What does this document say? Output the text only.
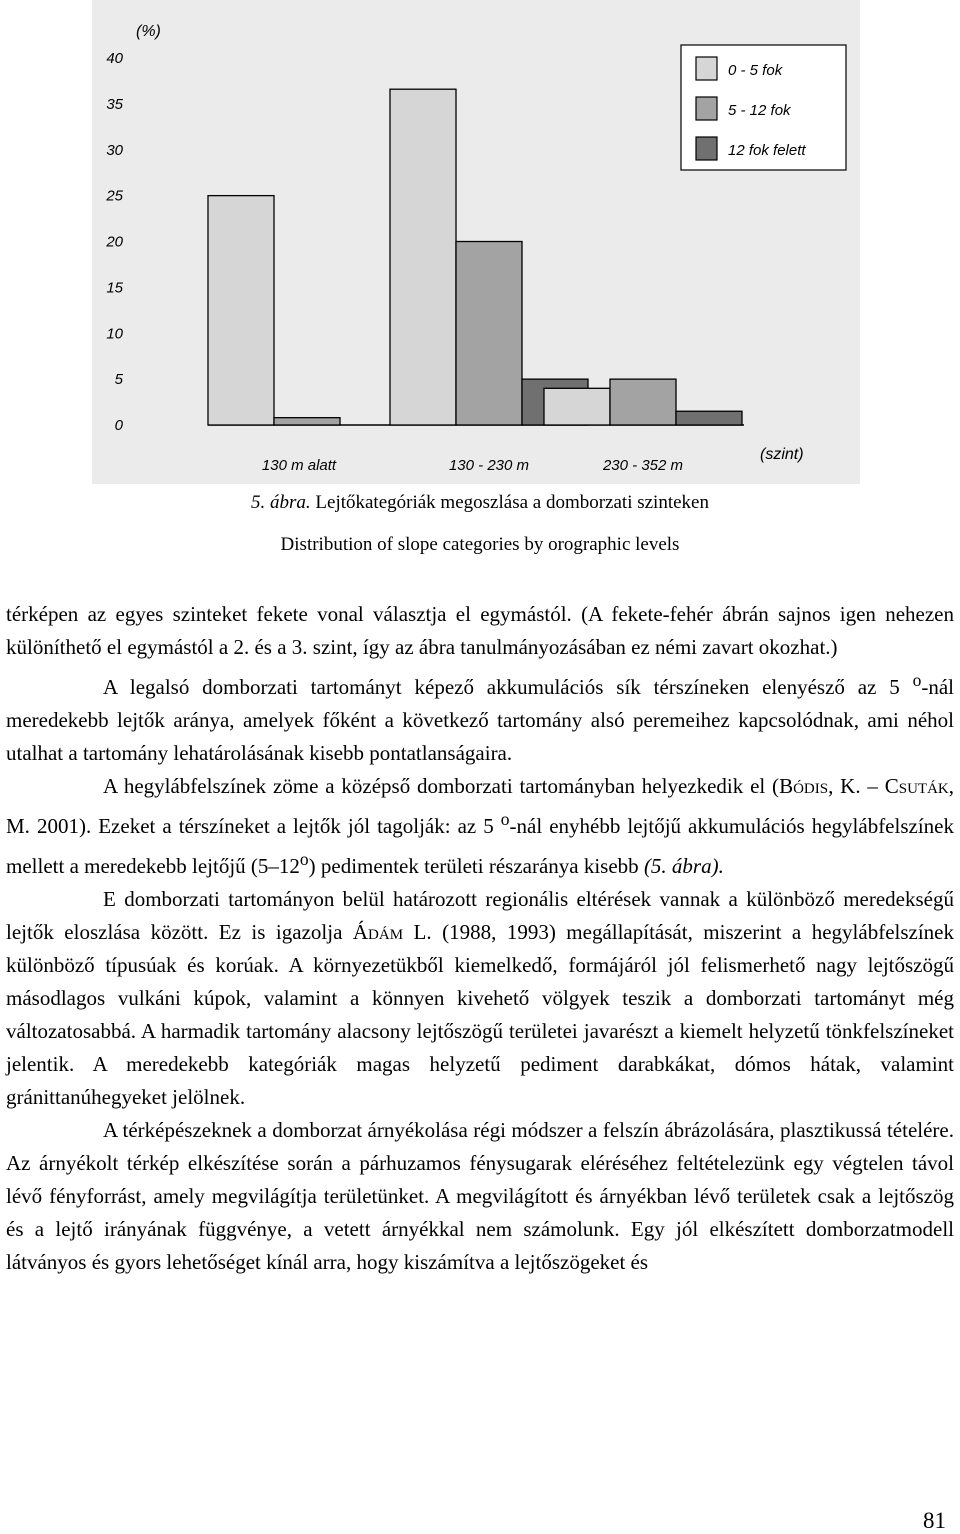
(%)
40
35
30
25
20
15
10
5
0
130 m alatt	130 - 230 m	230 - 352 m
(szint)
0 - 5 fok
5 - 12 fok
12 fok felett
5. ábra. Lejtőkategóriák megoszlása a domborzati szinteken
Distribution of slope categories by orographic levels

térképen az egyes szinteket fekete vonal választja el egymástól. (A fekete-fehér ábrán sajnos igen nehezen különíthető el egymástól a 2. és a 3. szint, így az ábra tanulmányozásában ez némi zavart okozhat.)

A legalsó domborzati tartományt képező akkumulációs sík térszíneken elenyésző az 5 $^o$-nál meredekebb lejtők aránya, amelyek főként a következő tartomány alsó peremeihez kapcsolódnak, ami néhol utalhat a tartomány lehatárolásának kisebb pontatlanságaira.

A hegylábfelszínek zöme a középső domborzati tartományban helyezkedik el (Bódis, K. – Csuták, M. 2001). Ezeket a térszíneket a lejtők jól tagolják: az 5 $^o$-nál enyhébb lejtőjű akkumulációs hegylábfelszínek mellett a meredekebb lejtőjű (5–12$^o$) pedimentek területi részaránya kisebb (5. ábra).

E domborzati tartományon belül határozott regionális eltérések vannak a különböző meredekségű lejtők eloszlása között. Ez is igazolja Ádám L. (1988, 1993) megállapítását, miszerint a hegylábfelszínek különböző típusúak és korúak. A környezetükből kiemelkedő, formájáról jól felismerhető nagy lejtőszögű másodlagos vulkáni kúpok, valamint a könnyen kivehető völgyek teszik a domborzati tartományt még változatosabbá. A harmadik tartomány alacsony lejtőszögű területei javarészt a kiemelt helyzetű tönkfelszíneket jelentik. A meredekebb kategóriák magas helyzetű pediment darabkákat, dómos hátak, valamint gránittanúhegyeket jelölnek.

A térképészeknek a domborzat árnyékolása régi módszer a felszín ábrázolására, plasztikussá tételére. Az árnyékolt térkép elkészítése során a párhuzamos fénysugarak eléréséhez feltételezünk egy végtelen távol lévő fényforrást, amely megvilágítja területünket. A megvilágított és árnyékban lévő területek csak a lejtőszög és a lejtő irányának függvénye, a vetett árnyékkal nem számolunk. Egy jól elkészített domborzatmodell látványos és gyors lehetőséget kínál arra, hogy kiszámítva a lejtőszögeket és

81
